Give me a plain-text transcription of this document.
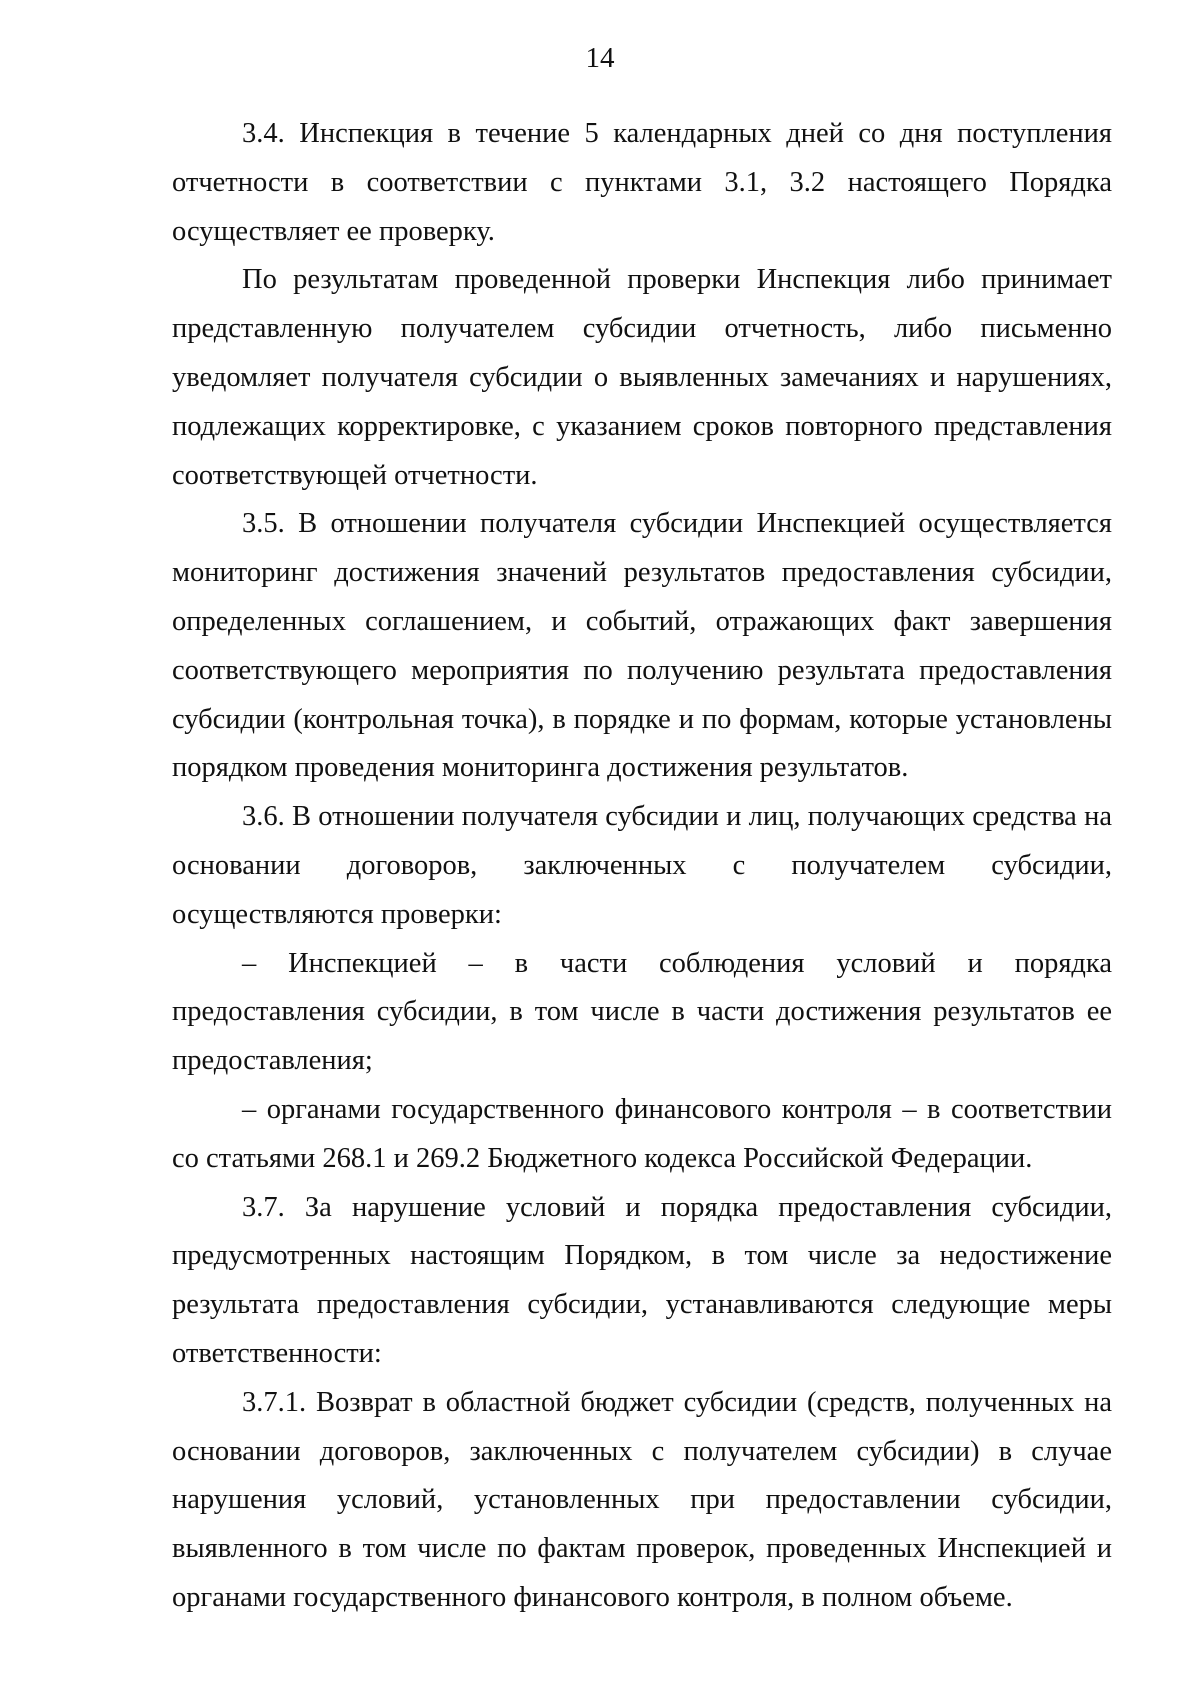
14

3.4. Инспекция в течение 5 календарных дней со дня поступления отчетности в соответствии с пунктами 3.1, 3.2 настоящего Порядка осуществляет ее проверку.

По результатам проведенной проверки Инспекция либо принимает представленную получателем субсидии отчетность, либо письменно уведомляет получателя субсидии о выявленных замечаниях и нарушениях, подлежащих корректировке, с указанием сроков повторного представления соответствующей отчетности.

3.5. В отношении получателя субсидии Инспекцией осуществляется мониторинг достижения значений результатов предоставления субсидии, определенных соглашением, и событий, отражающих факт завершения соответствующего мероприятия по получению результата предоставления субсидии (контрольная точка), в порядке и по формам, которые установлены порядком проведения мониторинга достижения результатов.

3.6. В отношении получателя субсидии и лиц, получающих средства на основании договоров, заключенных с получателем субсидии, осуществляются проверки:

– Инспекцией – в части соблюдения условий и порядка предоставления субсидии, в том числе в части достижения результатов ее предоставления;

– органами государственного финансового контроля – в соответствии со статьями 268.1 и 269.2 Бюджетного кодекса Российской Федерации.

3.7. За нарушение условий и порядка предоставления субсидии, предусмотренных настоящим Порядком, в том числе за недостижение результата предоставления субсидии, устанавливаются следующие меры ответственности:

3.7.1. Возврат в областной бюджет субсидии (средств, полученных на основании договоров, заключенных с получателем субсидии) в случае нарушения условий, установленных при предоставлении субсидии, выявленного в том числе по фактам проверок, проведенных Инспекцией и органами государственного финансового контроля, в полном объеме.
